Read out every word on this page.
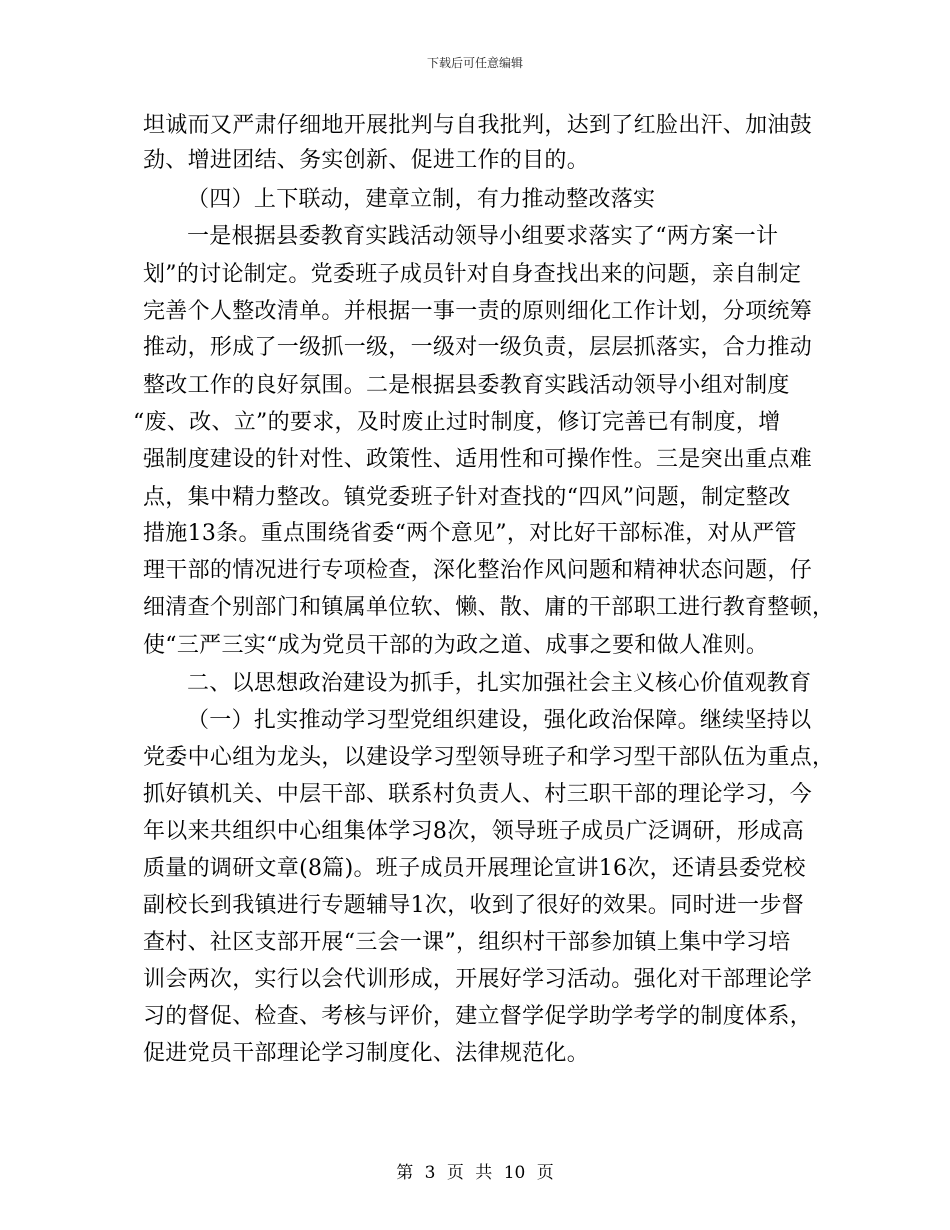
下载后可任意编辑
坦诚而又严肃仔细地开展批判与自我批判，达到了红脸出汗、加油鼓
劲、增进团结、务实创新、促进工作的目的。
（四）上下联动，建章立制，有力推动整改落实
一是根据县委教育实践活动领导小组要求落实了“两方案一计
划”的讨论制定。党委班子成员针对自身查找出来的问题，亲自制定
完善个人整改清单。并根据一事一责的原则细化工作计划，分项统筹
推动，形成了一级抓一级，一级对一级负责，层层抓落实，合力推动
整改工作的良好氛围。二是根据县委教育实践活动领导小组对制度
“废、改、立”的要求，及时废止过时制度，修订完善已有制度，增
强制度建设的针对性、政策性、适用性和可操作性。三是突出重点难
点，集中精力整改。镇党委班子针对查找的“四风”问题，制定整改
措施13条。重点围绕省委“两个意见”，对比好干部标准，对从严管
理干部的情况进行专项检查，深化整治作风问题和精神状态问题，仔
细清查个别部门和镇属单位软、懒、散、庸的干部职工进行教育整顿，
使“三严三实“成为党员干部的为政之道、成事之要和做人准则。
二、以思想政治建设为抓手，扎实加强社会主义核心价值观教育
（一）扎实推动学习型党组织建设，强化政治保障。继续坚持以
党委中心组为龙头，以建设学习型领导班子和学习型干部队伍为重点，
抓好镇机关、中层干部、联系村负责人、村三职干部的理论学习，今
年以来共组织中心组集体学习8次，领导班子成员广泛调研，形成高
质量的调研文章(8篇)。班子成员开展理论宣讲16次，还请县委党校
副校长到我镇进行专题辅导1次，收到了很好的效果。同时进一步督
查村、社区支部开展“三会一课”，组织村干部参加镇上集中学习培
训会两次，实行以会代训形成，开展好学习活动。强化对干部理论学
习的督促、检查、考核与评价，建立督学促学助学考学的制度体系，
促进党员干部理论学习制度化、法律规范化。
第 3 页 共 10 页
